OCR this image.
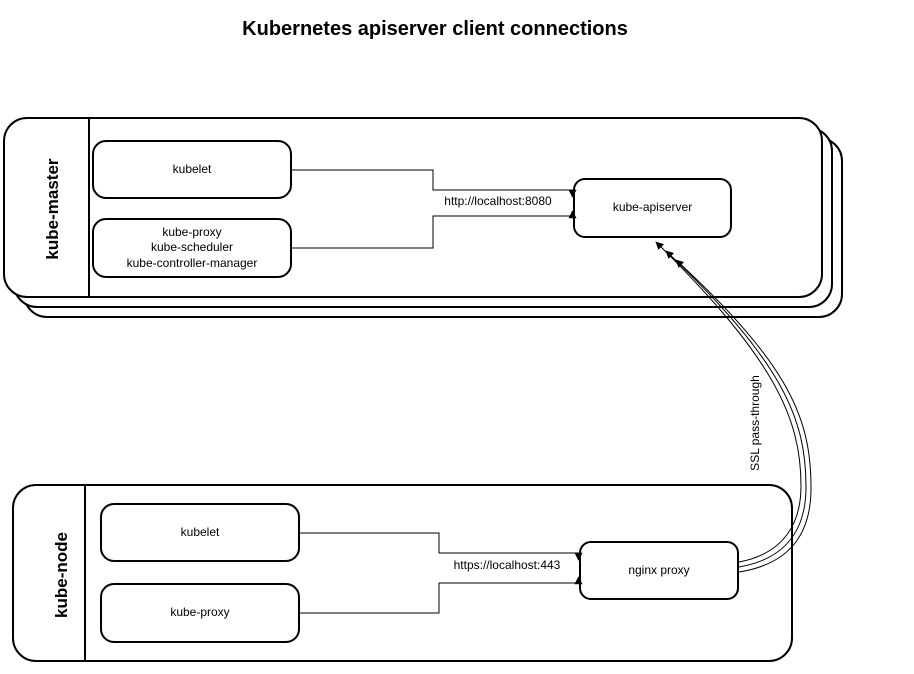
Kubernetes apiserver client connections
kube-master	kubelet
kube-proxy
kube-scheduler
kube-controller-manager
kube-apiserver
http://localhost:8080
kube-node
kubelet
kube-proxy
nginx proxy
https://localhost:443
SSL pass-through
